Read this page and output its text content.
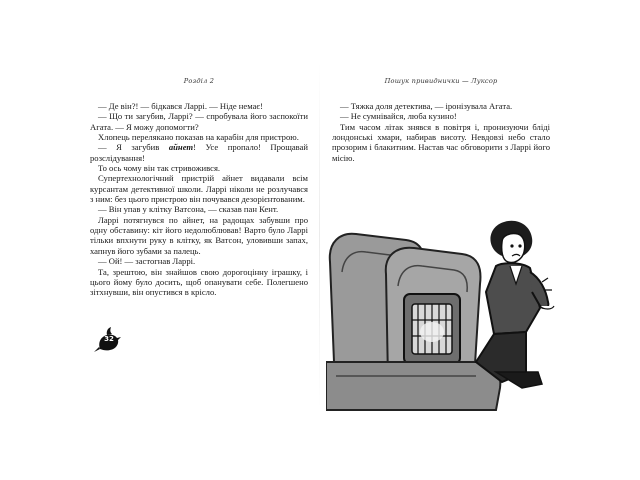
Розділ 2

— Де він?! — бідкався Ларрі. — Ніде немає!

— Що ти загубив, Ларрі? — спробувала його заспокоїти Агата. — Я можу допомогти?

Хлопець перелякано показав на карабін для пристрою.

— Я загубив айнет! Усе пропало! Прощавай розслідування!

То ось чому він так стривожився.

Супертехнологічний пристрій айнет видавали всім курсантам детективної школи. Ларрі ніколи не розлучався з ним: без цього пристрою він почувався дезорієнтованим.

— Він упав у клітку Ватсона, — сказав пан Кент.

Ларрі потягнувся по айнет, на радощах забувши про одну обставину: кіт його недолюблював! Варто було Ларрі тільки впхнути руку в клітку, як Ватсон, уловивши запах, хапнув його зубами за палець.

— Ой! — застогнав Ларрі.

Та, зрештою, він знайшов свою дорогоцінну іграшку, і цього йому було досить, щоб опанувати себе. Полегшено зітхнувши, він опустився в крісло.

Пошук привиднички — Луксор

— Тяжка доля детектива, — іронізувала Агата.

— Не сумнівайся, люба кузино!

Тим часом літак знявся в повітря і, пронизуючи бліді лондонські хмари, набирав висоту. Невдовзі небо стало прозорим і блакитним. Настав час обговорити з Ларрі його місію.

32
